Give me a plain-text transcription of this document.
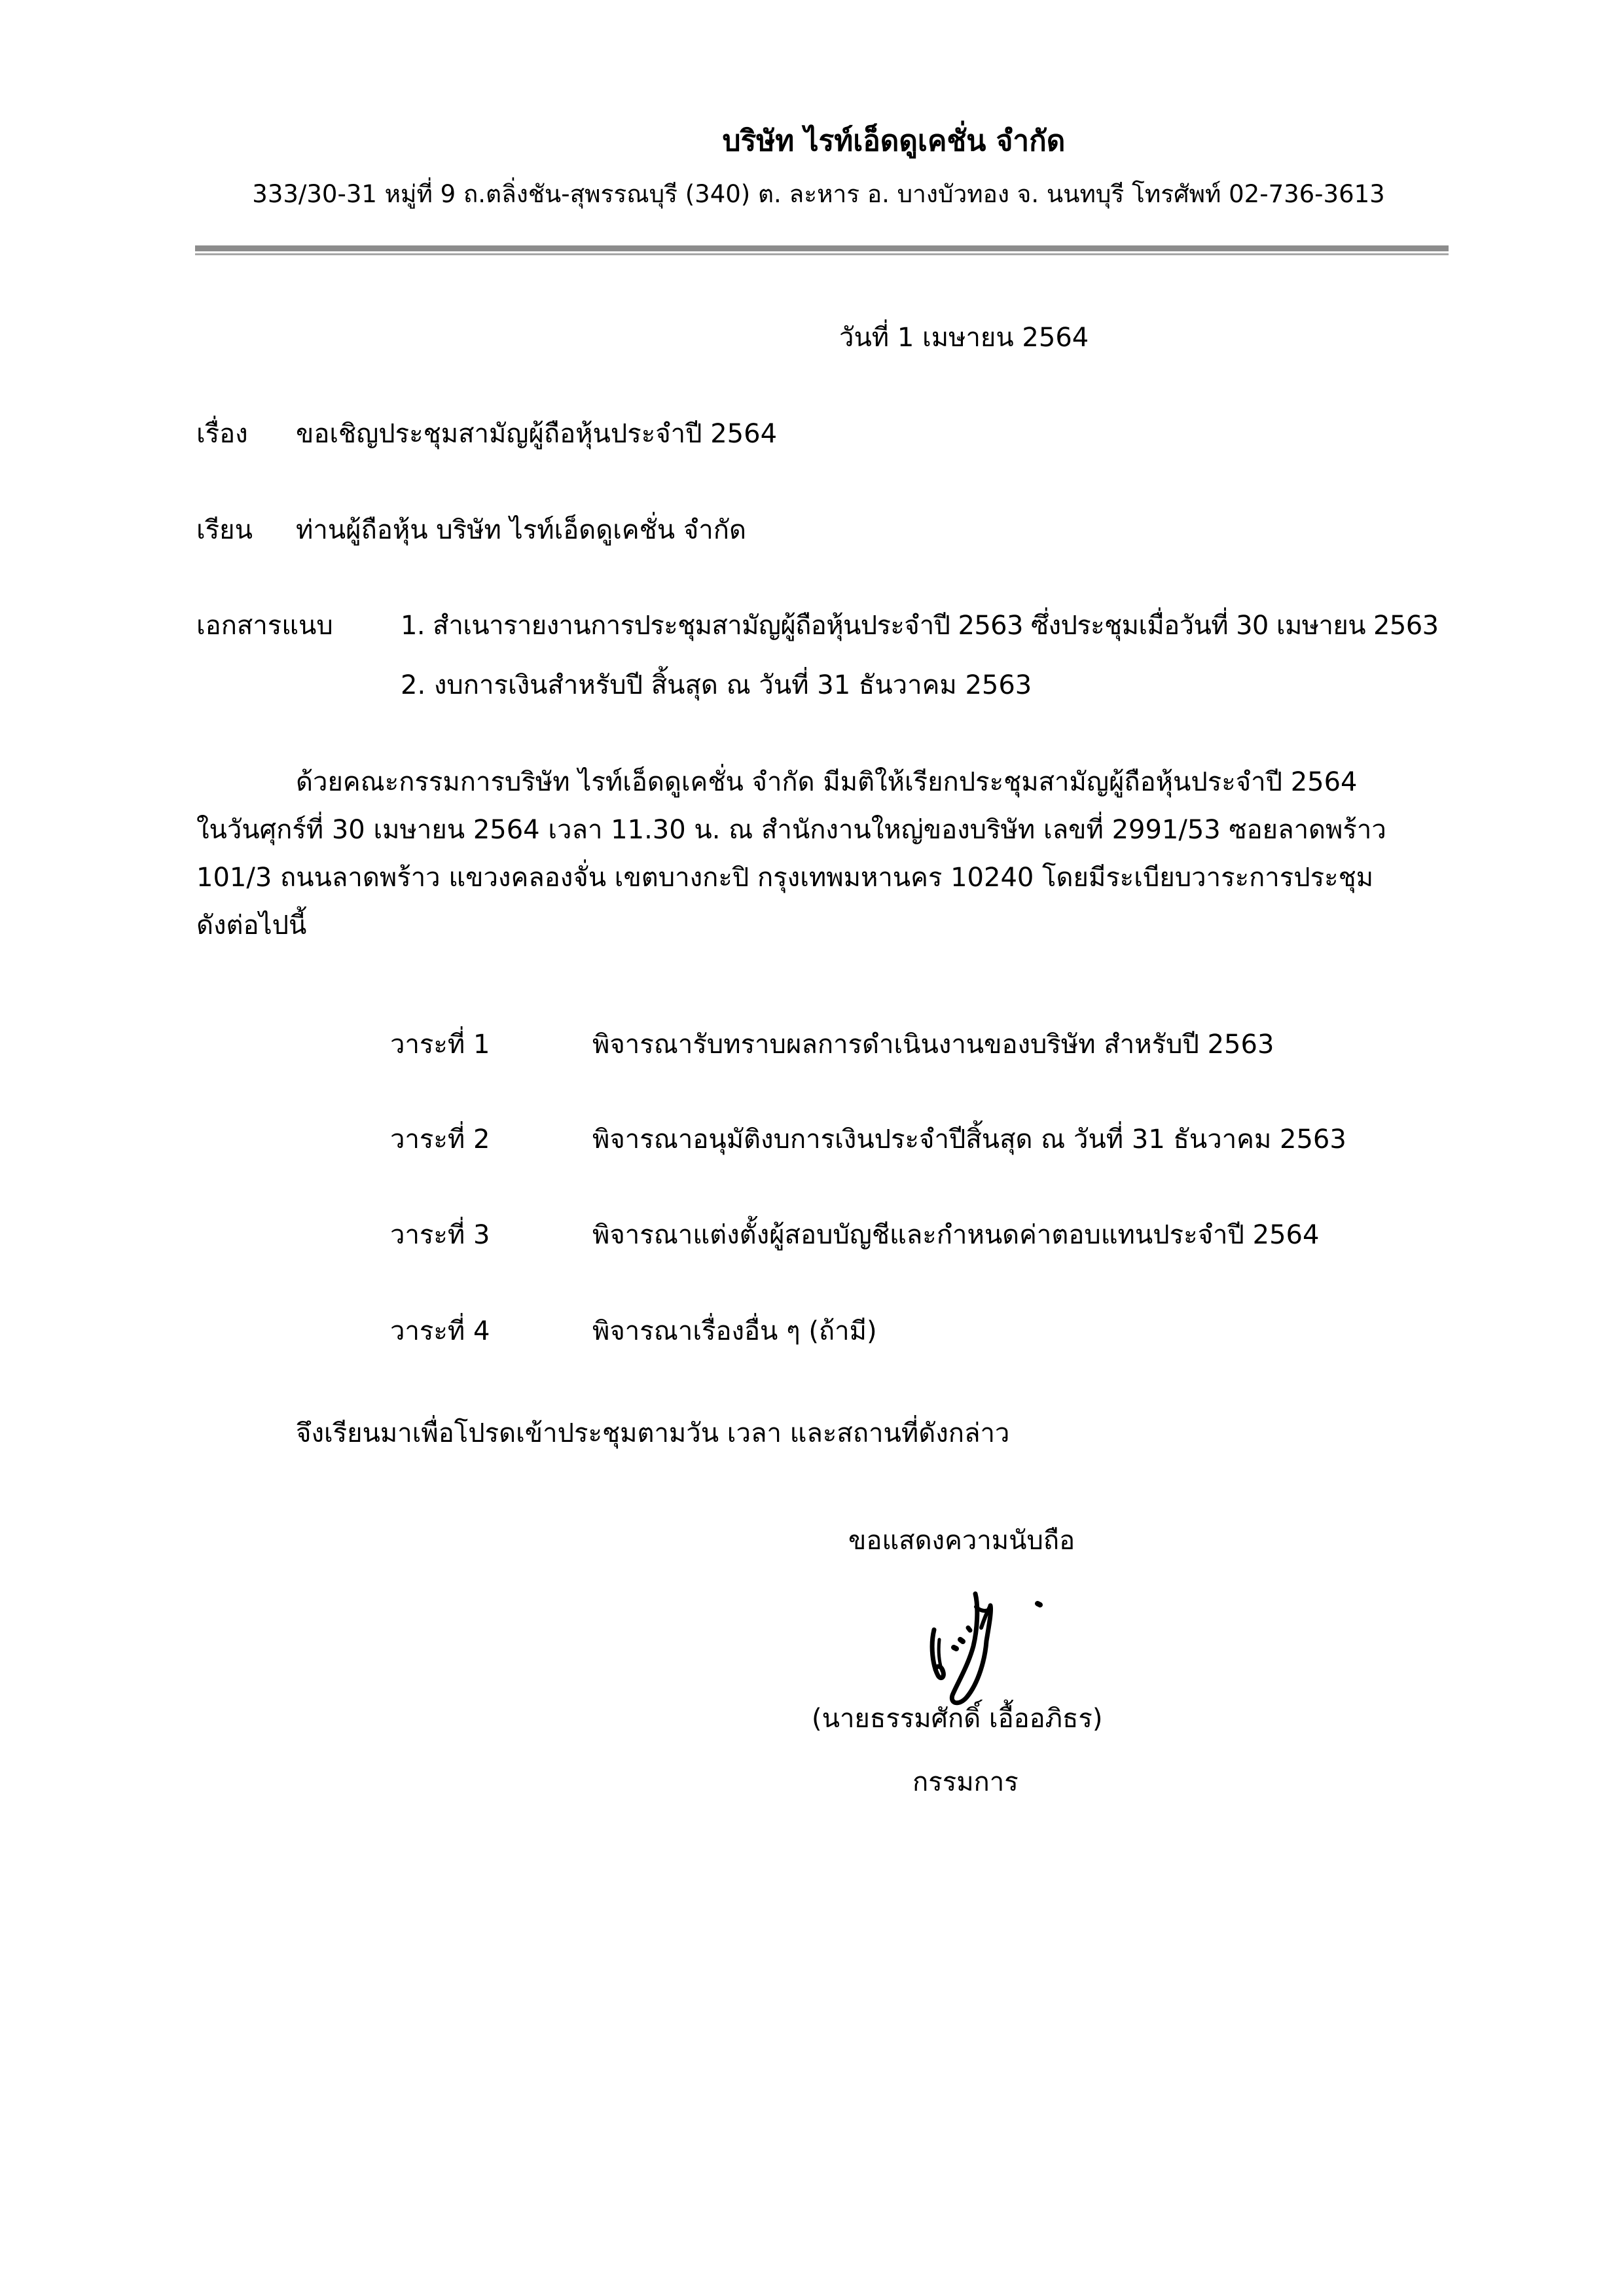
บริษัท ไรท์เอ็ดดูเคชั่น จำกัด
333/30-31 หมู่ที่ 9 ถ.ตลิ่งชัน-สุพรรณบุรี (340) ต. ละหาร อ. บางบัวทอง จ. นนทบุรี โทรศัพท์ 02-736-3613
วันที่ 1 เมษายน 2564
เรื่อง ขอเชิญประชุมสามัญผู้ถือหุ้นประจำปี 2564
เรียน ท่านผู้ถือหุ้น บริษัท ไรท์เอ็ดดูเคชั่น จำกัด
เอกสารแนบ	1. สำเนารายงานการประชุมสามัญผู้ถือหุ้นประจำปี 2563 ซึ่งประชุมเมื่อวันที่ 30 เมษายน 2563
2. งบการเงินสำหรับปี สิ้นสุด ณ วันที่ 31 ธันวาคม 2563
ด้วยคณะกรรมการบริษัท ไรท์เอ็ดดูเคชั่น จำกัด มีมติให้เรียกประชุมสามัญผู้ถือหุ้นประจำปี 2564
ในวันศุกร์ที่ 30 เมษายน 2564 เวลา 11.30 น. ณ สำนักงานใหญ่ของบริษัท เลขที่ 2991/53 ซอยลาดพร้าว
101/3 ถนนลาดพร้าว แขวงคลองจั่น เขตบางกะปิ กรุงเทพมหานคร 10240 โดยมีระเบียบวาระการประชุม
ดังต่อไปนี้
วาระที่ 1	พิจารณารับทราบผลการดำเนินงานของบริษัท สำหรับปี 2563
วาระที่ 2	พิจารณาอนุมัติงบการเงินประจำปีสิ้นสุด ณ วันที่ 31 ธันวาคม 2563
วาระที่ 3	พิจารณาแต่งตั้งผู้สอบบัญชีและกำหนดค่าตอบแทนประจำปี 2564
วาระที่ 4	พิจารณาเรื่องอื่น ๆ (ถ้ามี)
จึงเรียนมาเพื่อโปรดเข้าประชุมตามวัน เวลา และสถานที่ดังกล่าว
ขอแสดงความนับถือ
(นายธรรมศักดิ์ เอื้ออภิธร)
กรรมการ
